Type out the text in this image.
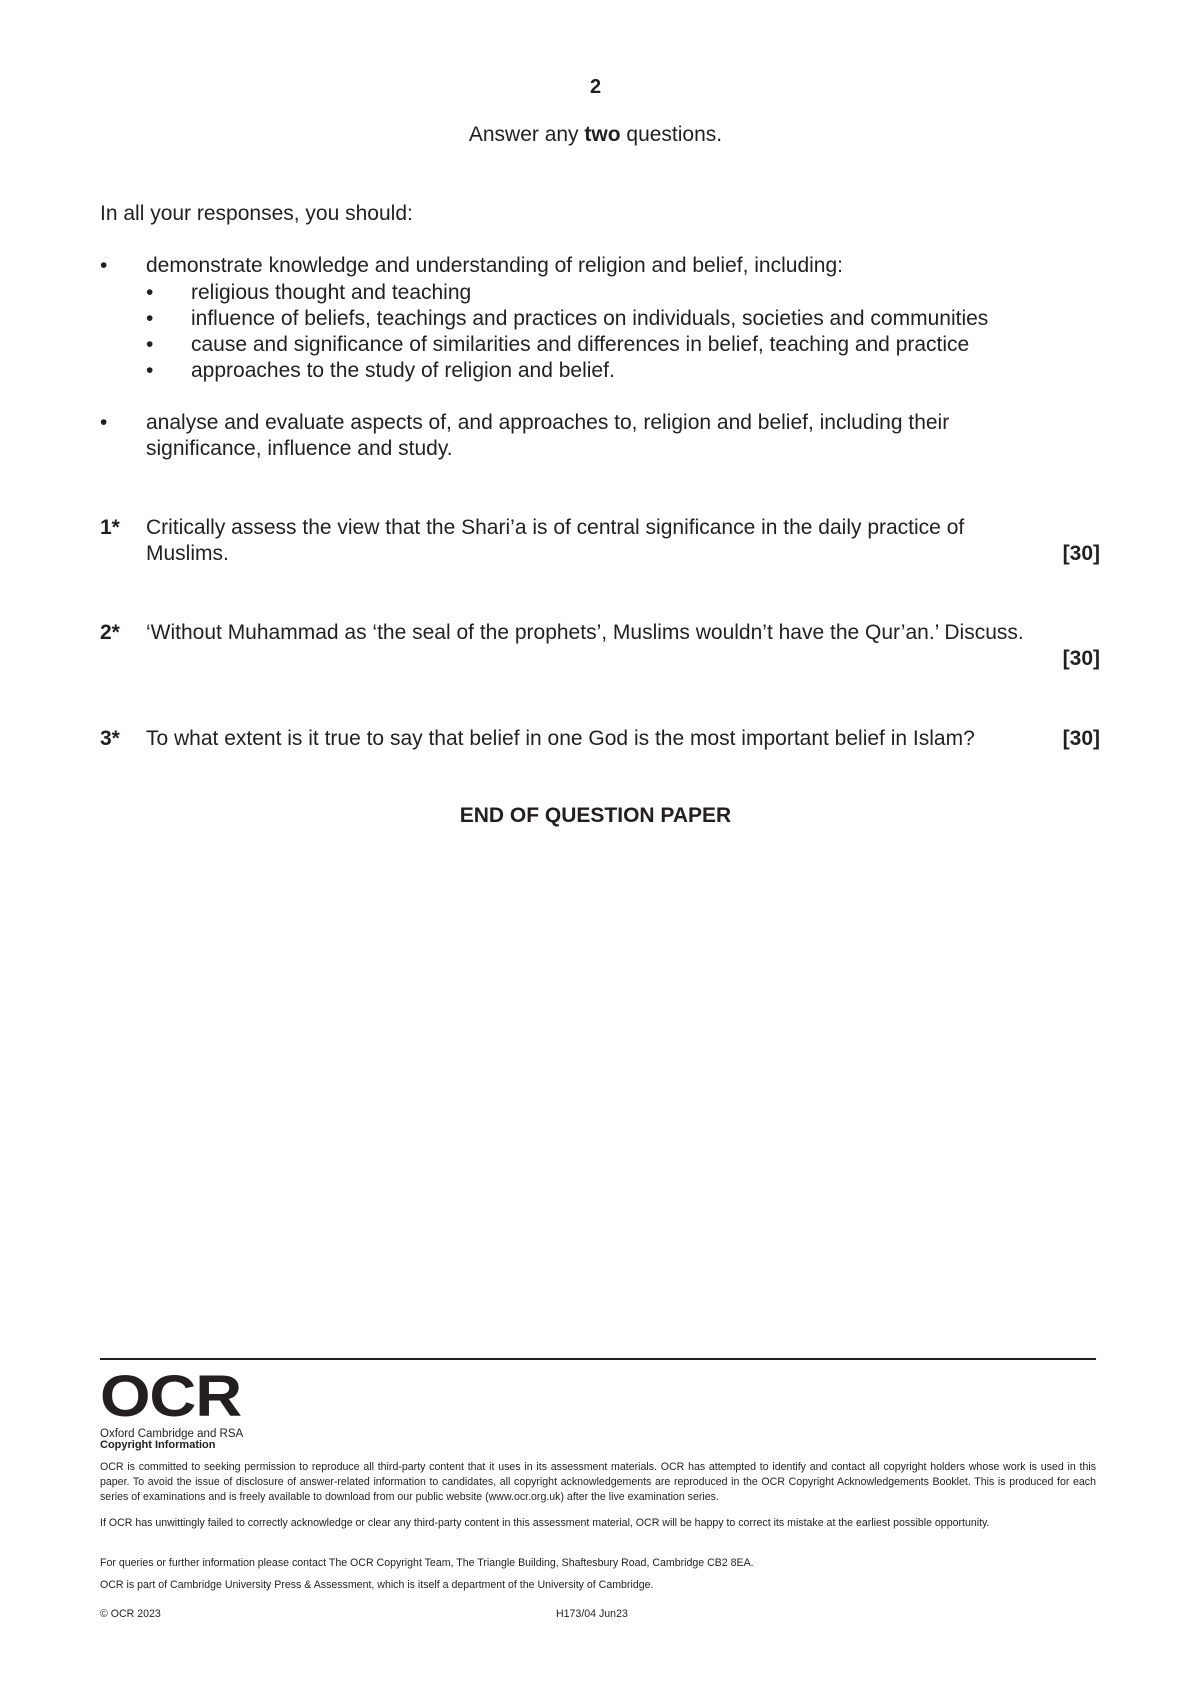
2
Answer any two questions.
In all your responses, you should:
• demonstrate knowledge and understanding of religion and belief, including:
• religious thought and teaching
• influence of beliefs, teachings and practices on individuals, societies and communities
• cause and significance of similarities and differences in belief, teaching and practice
• approaches to the study of religion and belief.
• analyse and evaluate aspects of, and approaches to, religion and belief, including their significance, influence and study.
1* Critically assess the view that the Shari’a is of central significance in the daily practice of Muslims.	[30]
2* ‘Without Muhammad as ‘the seal of the prophets’, Muslims wouldn’t have the Qur’an.’ Discuss.
[30]
3* To what extent is it true to say that belief in one God is the most important belief in Islam?	[30]
END OF QUESTION PAPER
OCR
Oxford Cambridge and RSA
Copyright Information
OCR is committed to seeking permission to reproduce all third-party content that it uses in its assessment materials. OCR has attempted to identify and contact all copyright holders whose work is used in this paper. To avoid the issue of disclosure of answer-related information to candidates, all copyright acknowledgements are reproduced in the OCR Copyright Acknowledgements Booklet. This is produced for each series of examinations and is freely available to download from our public website (www.ocr.org.uk) after the live examination series.
If OCR has unwittingly failed to correctly acknowledge or clear any third-party content in this assessment material, OCR will be happy to correct its mistake at the earliest possible opportunity.
For queries or further information please contact The OCR Copyright Team, The Triangle Building, Shaftesbury Road, Cambridge CB2 8EA.
OCR is part of Cambridge University Press & Assessment, which is itself a department of the University of Cambridge.
© OCR 2023	H173/04 Jun23
